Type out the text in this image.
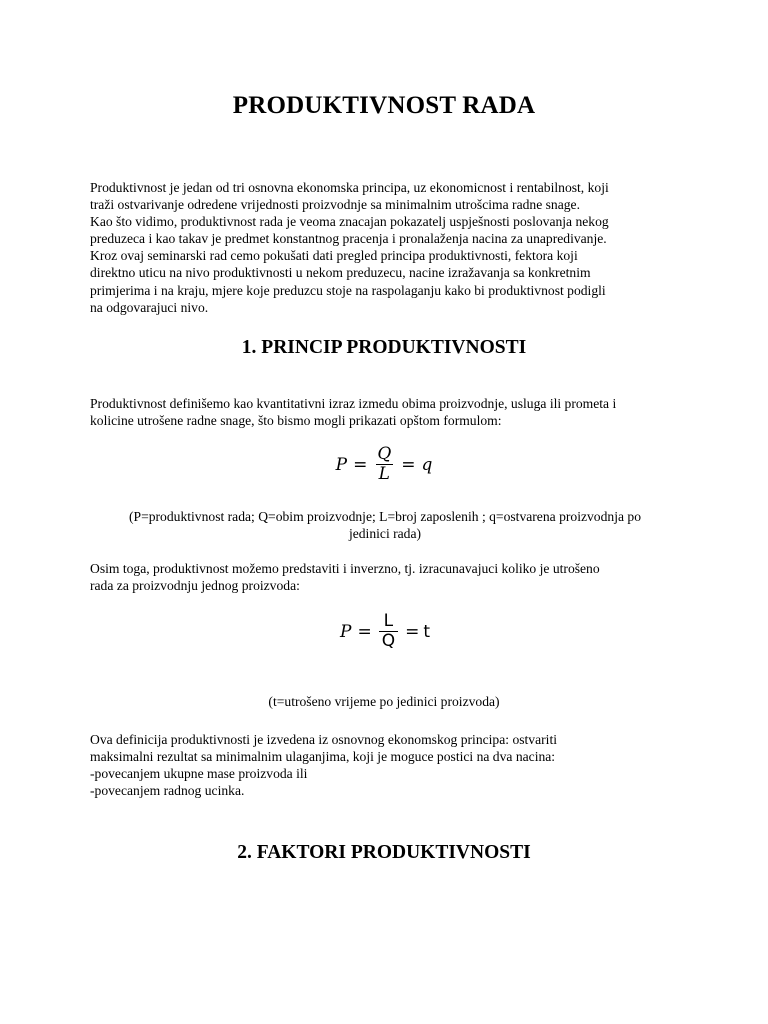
PRODUKTIVNOST RADA
Produktivnost je jedan od tri osnovna ekonomska principa, uz ekonomicnost i rentabilnost, koji
traži ostvarivanje odredene vrijednosti proizvodnje sa minimalnim utrošcima radne snage.
Kao što vidimo, produktivnost rada je veoma znacajan pokazatelj uspješnosti poslovanja nekog
preduzeca i kao takav je predmet konstantnog pracenja i pronalaženja nacina za unapredivanje.
Kroz ovaj seminarski rad cemo pokušati dati pregled principa produktivnosti, fektora koji
direktno uticu na nivo produktivnosti u nekom preduzecu, nacine izražavanja sa konkretnim
primjerima i na kraju, mjere koje preduzcu stoje na raspolaganju kako bi produktivnost podigli
na odgovarajuci nivo.
1. PRINCIP PRODUKTIVNOSTI
Produktivnost definišemo kao kvantitativni izraz izmedu obima proizvodnje, usluga ili prometa i
kolicine utrošene radne snage, što bismo mogli prikazati opštom formulom:
$P = \frac{Q}{L} = q$
(P=produktivnost rada; Q=obim proizvodnje; L=broj zaposlenih ; q=ostvarena proizvodnja po
jedinici rada)
Osim toga, produktivnost možemo predstaviti i inverzno, tj. izracunavajuci koliko je utrošeno
rada za proizvodnju jednog proizvoda:
$P = \frac{L}{Q} = t$
(t=utrošeno vrijeme po jedinici proizvoda)
Ova definicija produktivnosti je izvedena iz osnovnog ekonomskog principa: ostvariti
maksimalni rezultat sa minimalnim ulaganjima, koji je moguce postici na dva nacina:
-povecanjem ukupne mase proizvoda ili
-povecanjem radnog ucinka.
2. FAKTORI PRODUKTIVNOSTI
